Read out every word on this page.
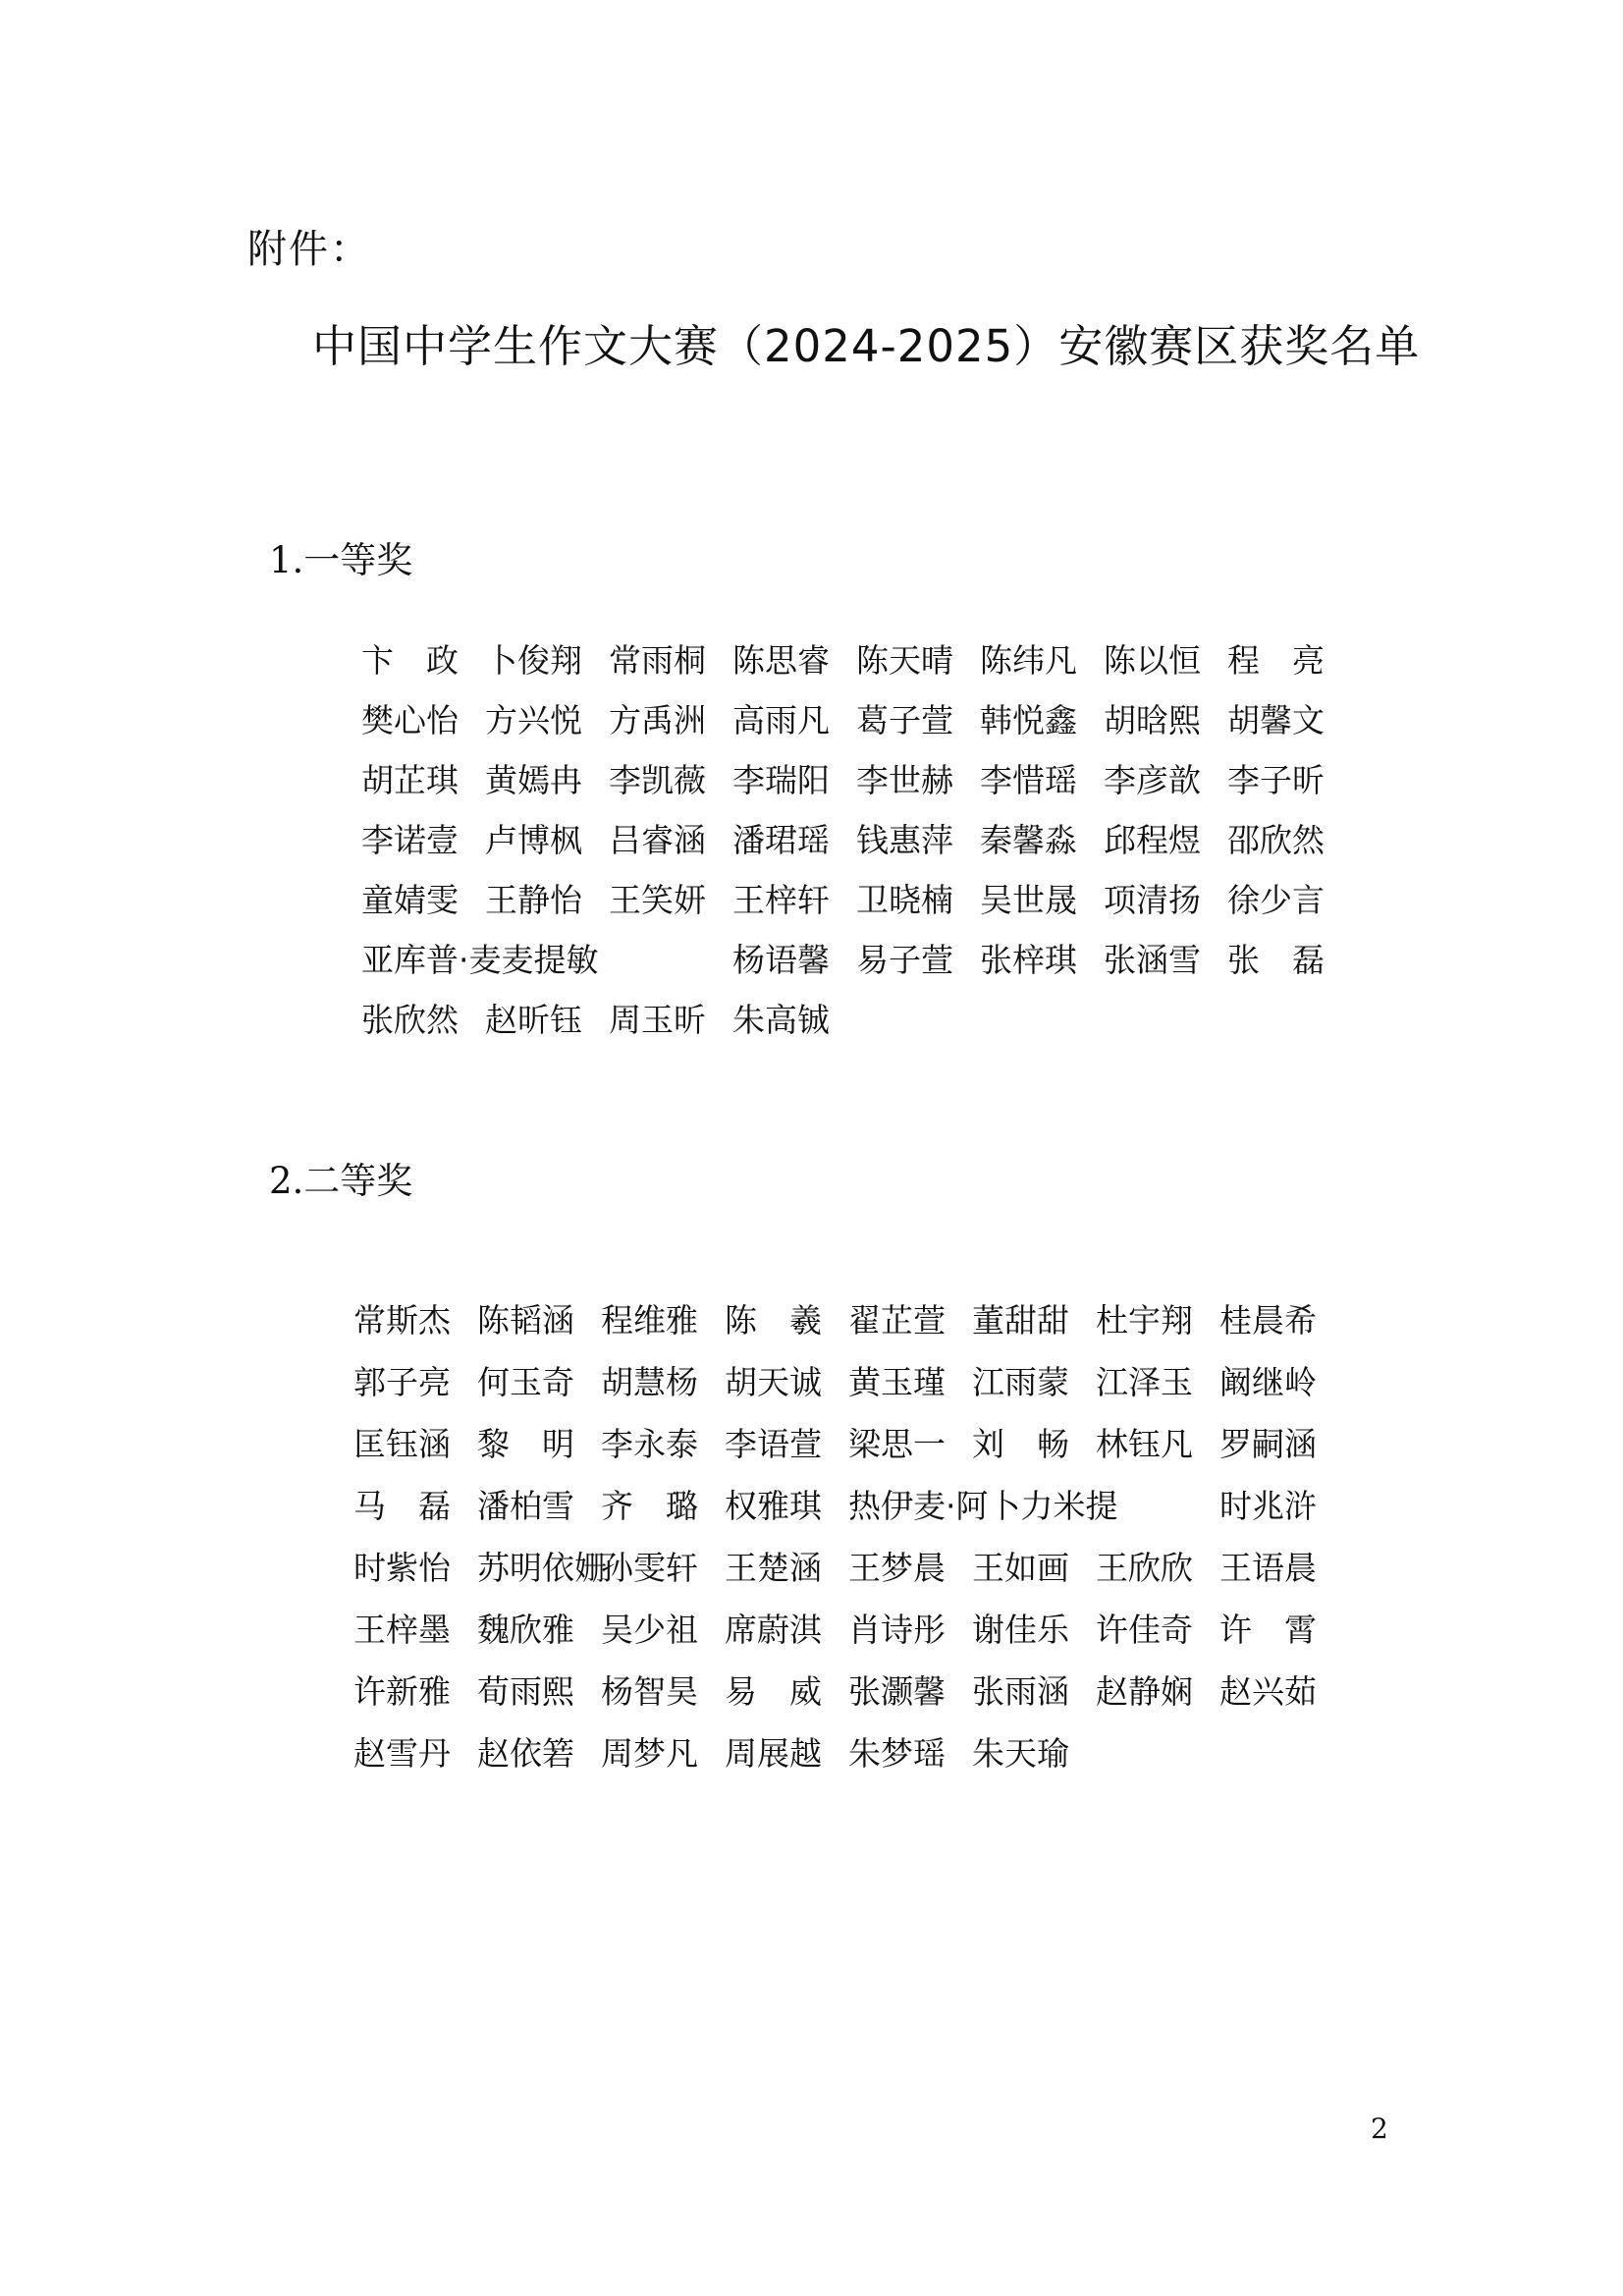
附件：
中国中学生作文大赛（2024-2025）安徽赛区获奖名单
1.一等奖
卞　政 卜俊翔 常雨桐 陈思睿 陈天晴 陈纬凡 陈以恒 程　亮
樊心怡 方兴悦 方禹洲 高雨凡 葛子萱 韩悦鑫 胡晗熙 胡馨文
胡芷琪 黄嫣冉 李凯薇 李瑞阳 李世赫 李惜瑶 李彦歆 李子昕
李诺壹 卢博枫 吕睿涵 潘珺瑶 钱惠萍 秦馨淼 邱程煜 邵欣然
童婧雯 王静怡 王笑妍 王梓轩 卫晓楠 吴世晟 项清扬 徐少言
亚库普·麦麦提敏	杨语馨 易子萱 张梓琪 张涵雪 张　磊
张欣然 赵昕钰 周玉昕 朱高铖
2.二等奖
常斯杰 陈韬涵 程维雅 陈　羲 翟芷萱 董甜甜 杜宇翔 桂晨希
郭子亮 何玉奇 胡慧杨 胡天诚 黄玉瑾 江雨蒙 江泽玉 阚继岭
匡钰涵 黎　明 李永泰 李语萱 梁思一 刘　畅 林钰凡 罗嗣涵
马　磊 潘柏雪 齐　璐 权雅琪 热伊麦·阿卜力米提	时兆浒
时紫怡 苏明依姗
孙雯轩 王楚涵 王梦晨 王如画 王欣欣 王语晨
王梓墨 魏欣雅 吴少祖 席蔚淇 肖诗彤 谢佳乐 许佳奇 许　霄
许新雅 荀雨熙 杨智昊 易　威 张灏馨 张雨涵 赵静娴 赵兴茹
赵雪丹 赵依箬 周梦凡 周展越 朱梦瑶 朱天瑜
2
